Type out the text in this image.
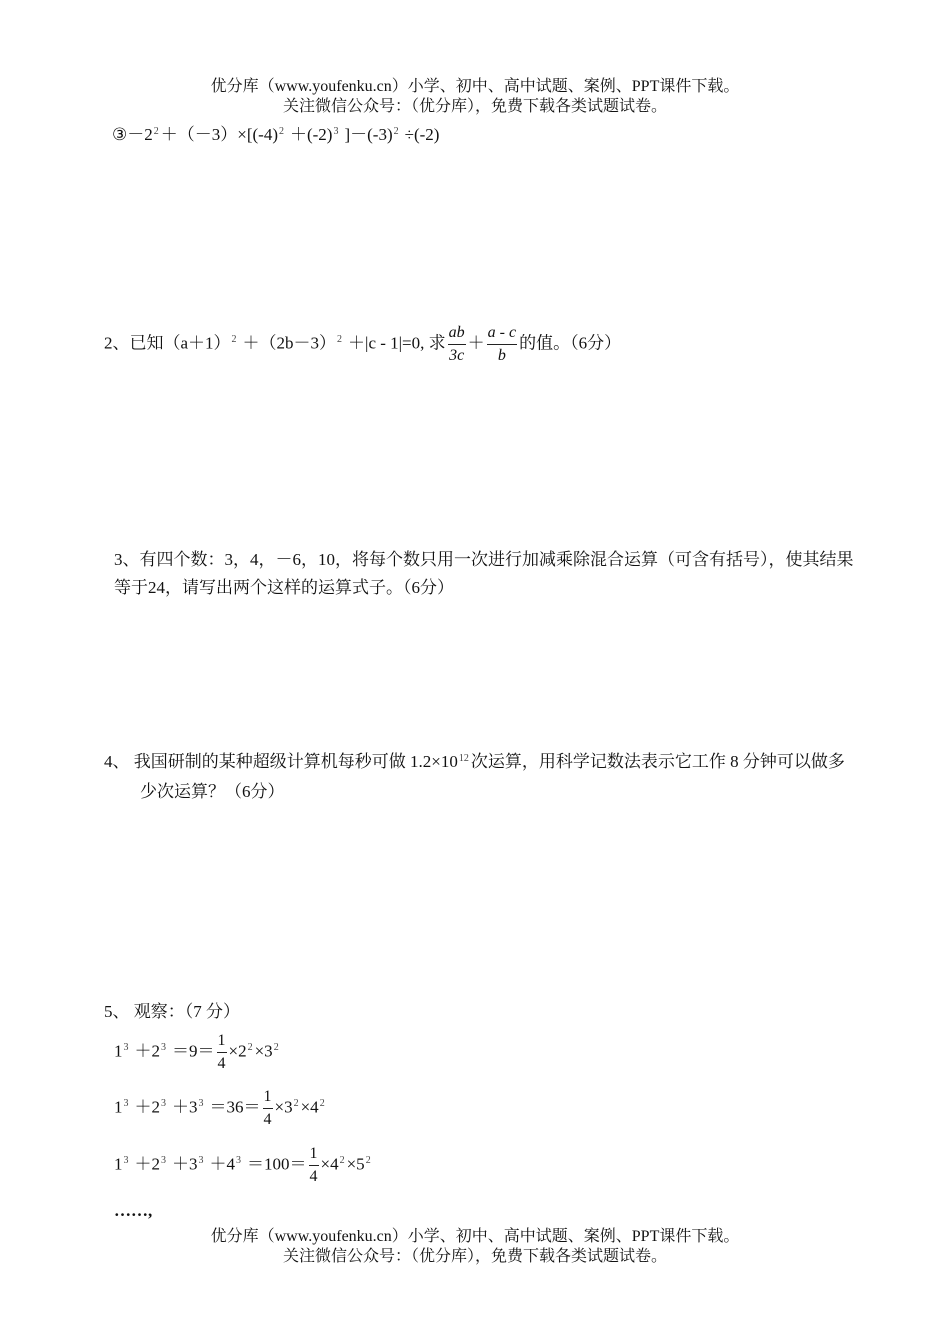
优分库（www.youfenku.cn）小学、初中、高中试题、案例、PPT课件下载。
关注微信公众号：（优分库），免费下载各类试题试卷。
$③-2^2 +(-3)\times[(-4)^2 +(-2)^3$ ]$-(-3)^2 \div(-2)$
2、已知$(a+1)^2 +(2b-3)^2 +|c - 1|=0$, 求 $\frac{ab}{3c} + \frac{a - c}{b}$ 的值。（6分）
3、有四个数：3，4，－6，10，将每个数只用一次进行加减乘除混合运算（可含有括号），使其结果等于24，请写出两个这样的运算式子。（6分）
4、 我国研制的某种超级计算机每秒可做 $1.2\times 10^{12}$ 次运算，用科学记数法表示它工作 8 分钟可以做多少次运算？（6分）
5、 观察：（7 分）
$1^3 +2^3 =9= \frac{1}{4} \times 2^2 \times 3^2$
$1^3 +2^3 +3^3 =36= \frac{1}{4} \times 3^2 \times 4^2$
$1^3 +2^3 +3^3 +4^3 =100= \frac{1}{4} \times 4^2 \times 5^2$
……,
优分库（www.youfenku.cn）小学、初中、高中试题、案例、PPT课件下载。
关注微信公众号：（优分库），免费下载各类试题试卷。
